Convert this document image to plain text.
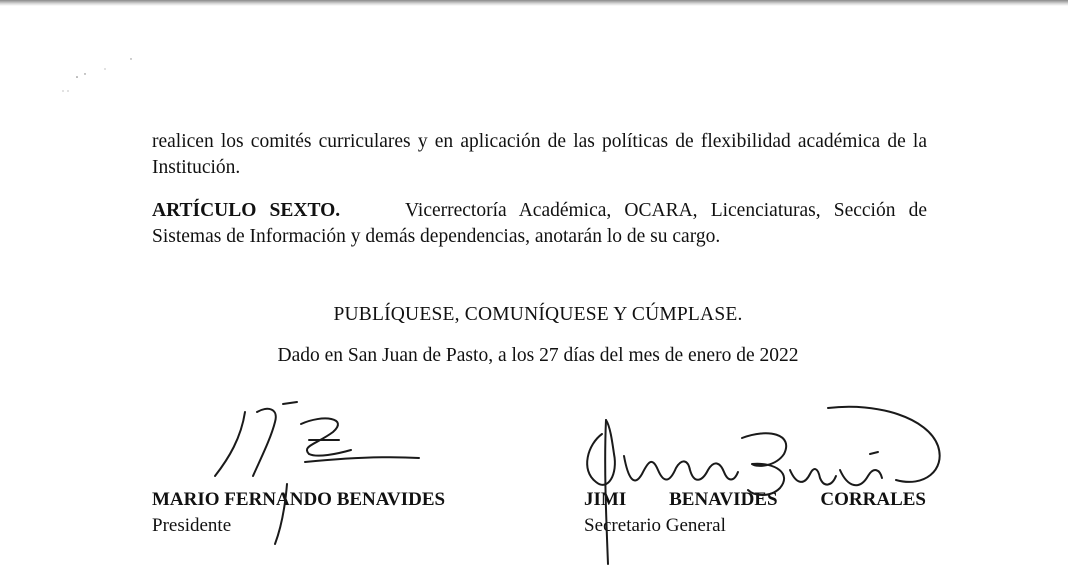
realicen los comités curriculares y en aplicación de las políticas de flexibilidad académica de la Institución.
ARTÍCULO SEXTO.	Vicerrectoría Académica, OCARA, Licenciaturas, Sección de Sistemas de Información y demás dependencias, anotarán lo de su cargo.
PUBLÍQUESE, COMUNÍQUESE Y CÚMPLASE.
Dado en San Juan de Pasto, a los 27 días del mes de enero de 2022
MARIO FERNANDO BENAVIDES
Presidente
JIMI BENAVIDES CORRALES
Secretario General
